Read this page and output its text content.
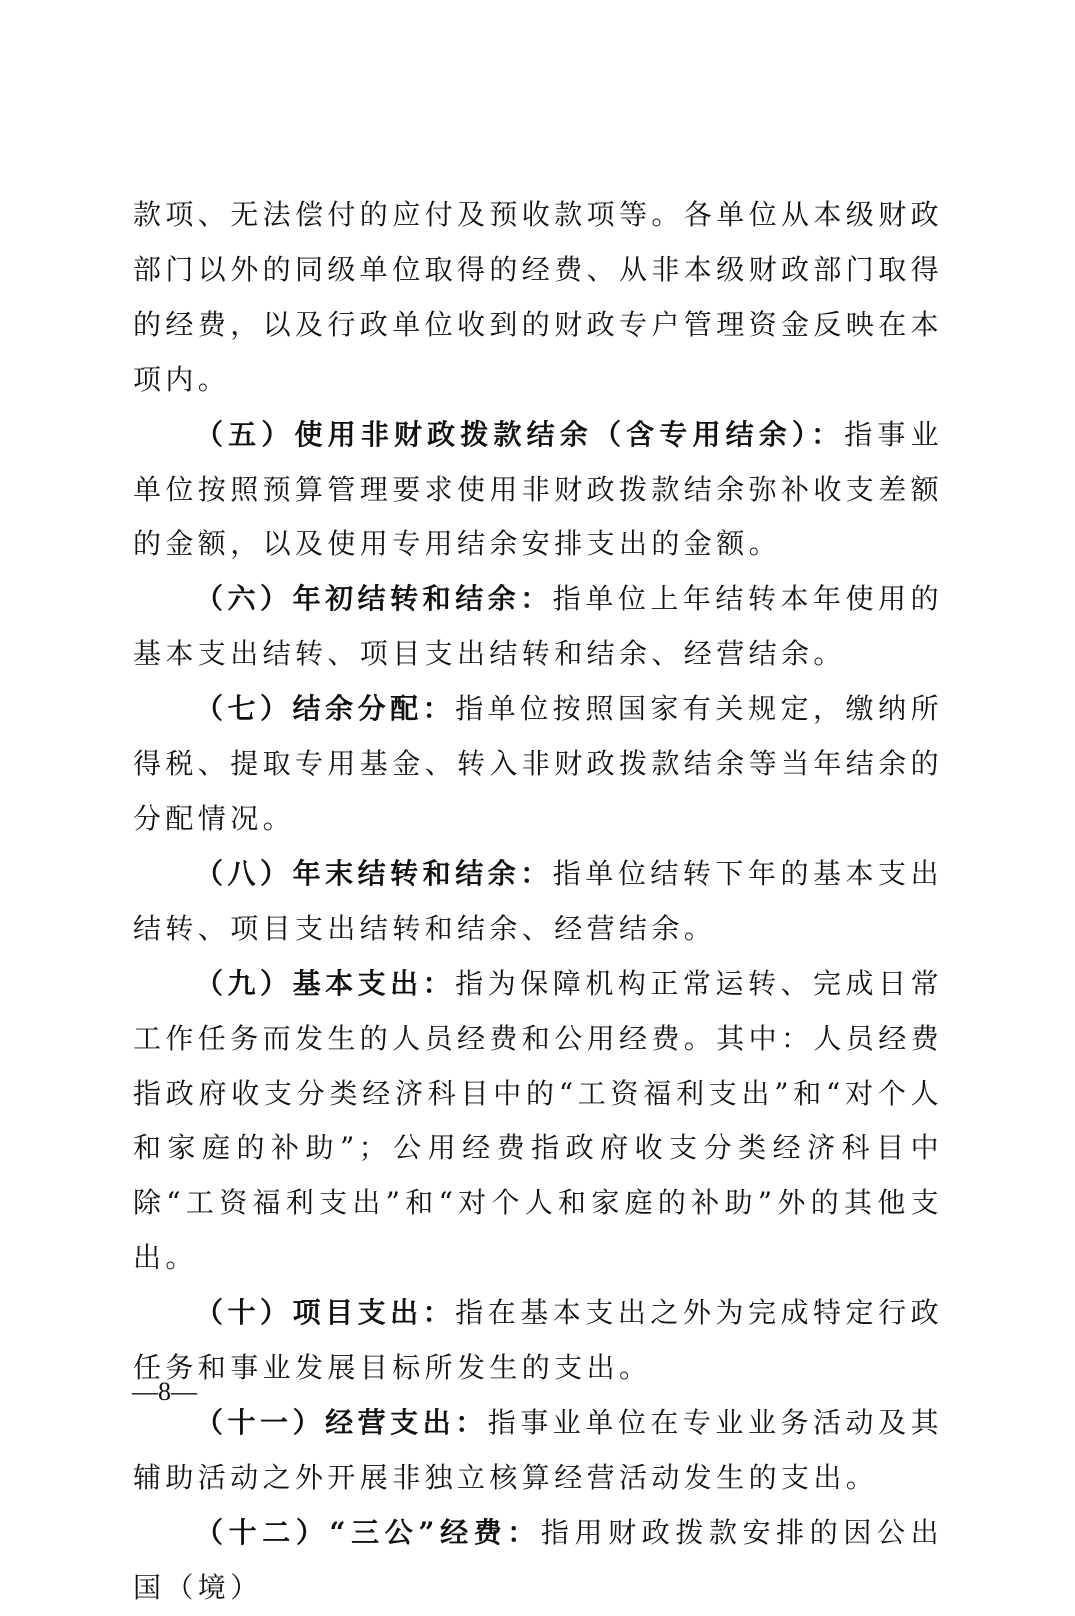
款项、无法偿付的应付及预收款项等。各单位从本级财政部门以外的同级单位取得的经费、从非本级财政部门取得的经费，以及行政单位收到的财政专户管理资金反映在本项内。

（五）使用非财政拨款结余（含专用结余）：指事业单位按照预算管理要求使用非财政拨款结余弥补收支差额的金额，以及使用专用结余安排支出的金额。

（六）年初结转和结余：指单位上年结转本年使用的基本支出结转、项目支出结转和结余、经营结余。

（七）结余分配：指单位按照国家有关规定，缴纳所得税、提取专用基金、转入非财政拨款结余等当年结余的分配情况。

（八）年末结转和结余：指单位结转下年的基本支出结转、项目支出结转和结余、经营结余。

（九）基本支出：指为保障机构正常运转、完成日常工作任务而发生的人员经费和公用经费。其中：人员经费指政府收支分类经济科目中的“工资福利支出”和“对个人和家庭的补助”；公用经费指政府收支分类经济科目中除“工资福利支出”和“对个人和家庭的补助”外的其他支出。

（十）项目支出：指在基本支出之外为完成特定行政任务和事业发展目标所发生的支出。

（十一）经营支出：指事业单位在专业业务活动及其辅助活动之外开展非独立核算经营活动发生的支出。

（十二）“三公”经费：指用财政拨款安排的因公出国（境）

—8—
